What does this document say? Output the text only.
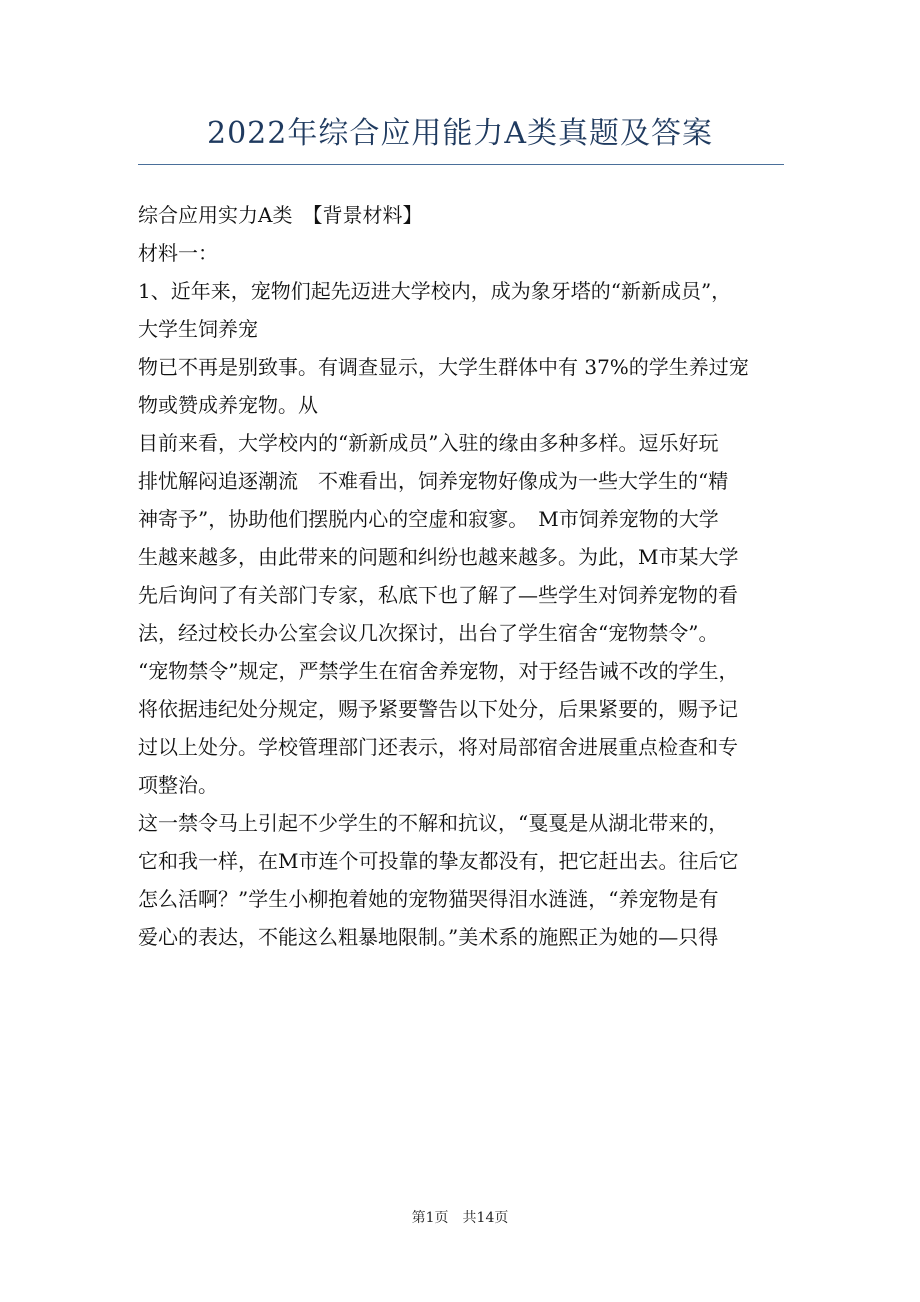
2022年综合应用能力A类真题及答案
综合应用实力A类　【背景材料】
材料一：
1、近年来，宠物们起先迈进大学校内，成为象牙塔的“新新成员”，
大学生饲养宠
物已不再是别致事。有调查显示，大学生群体中有 37%的学生养过宠
物或赞成养宠物。从
目前来看，大学校内的“新新成员”入驻的缘由多种多样。逗乐好玩
排忧解闷追逐潮流　不难看出，饲养宠物好像成为一些大学生的“精
神寄予”，协助他们摆脱内心的空虚和寂寥。　M市饲养宠物的大学
生越来越多，由此带来的问题和纠纷也越来越多。为此，M市某大学
先后询问了有关部门专家，私底下也了解了—些学生对饲养宠物的看
法，经过校长办公室会议几次探讨，出台了学生宿舍“宠物禁令”。
“宠物禁令”规定，严禁学生在宿舍养宠物，对于经告诫不改的学生，
将依据违纪处分规定，赐予紧要警告以下处分，后果紧要的，赐予记
过以上处分。学校管理部门还表示，将对局部宿舍进展重点检查和专
项整治。
这一禁令马上引起不少学生的不解和抗议，“戛戛是从湖北带来的，
它和我一样，在M市连个可投靠的挚友都没有，把它赶出去。往后它
怎么活啊？”学生小柳抱着她的宠物猫哭得泪水涟涟，“养宠物是有
爱心的表达，不能这么粗暴地限制。”美术系的施熙正为她的—只得
第1页 共14页
